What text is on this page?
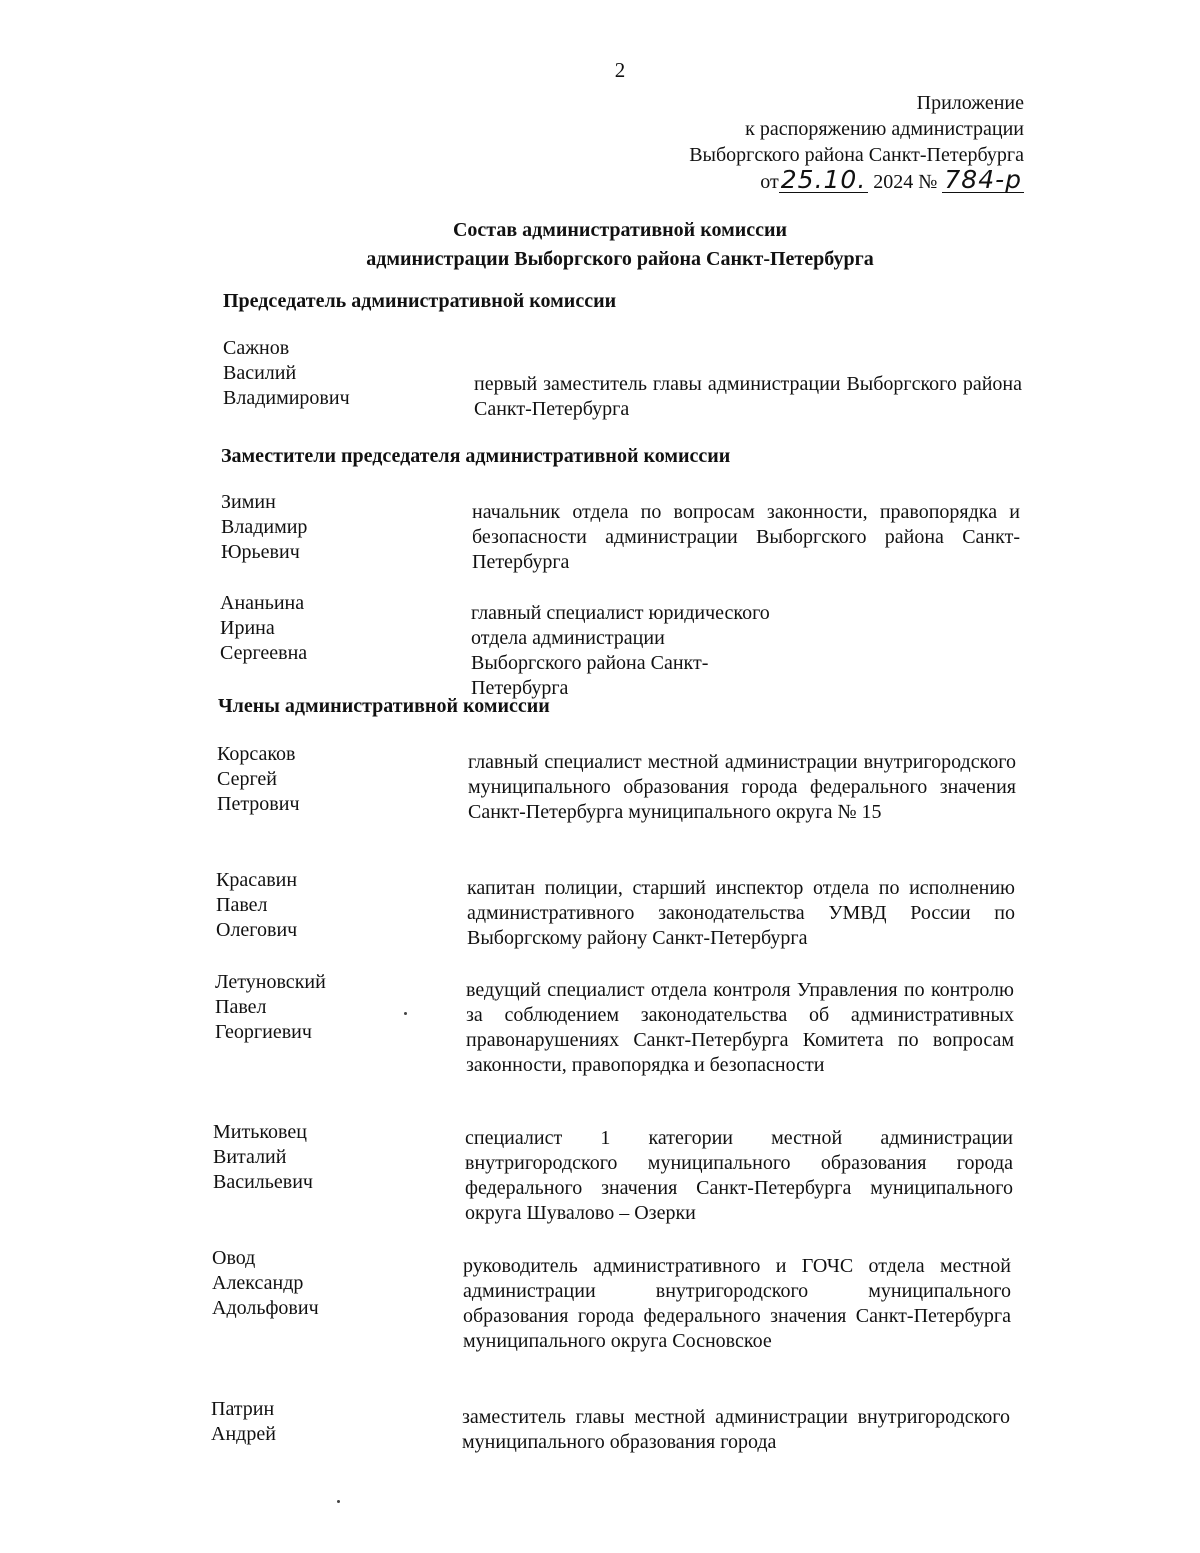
2
Приложение
к распоряжению администрации
Выборгского района Санкт-Петербурга
от25.10. 2024 № 784-р
Состав административной комиссии
администрации Выборгского района Санкт-Петербурга
Председатель административной комиссии
Заместители председателя административной комиссии
Члены административной комиссии
Сажнов
Василий
Владимирович
первый заместитель главы администрации Выборгского района Санкт-Петербурга
Зимин
Владимир
Юрьевич
начальник отдела по вопросам законности, правопорядка и безопасности администрации Выборгского района Санкт-Петербурга
Ананьина
Ирина
Сергеевна
главный специалист юридического отдела администрации Выборгского района Санкт-Петербурга
Корсаков
Сергей
Петрович
главный специалист местной администрации внутригородского муниципального образования города федерального значения Санкт-Петербурга муниципального округа № 15
Красавин
Павел
Олегович
капитан полиции, старший инспектор отдела по исполнению административного законодательства УМВД России по Выборгскому району Санкт-Петербурга
Летуновский
Павел
Георгиевич
ведущий специалист отдела контроля Управления по контролю за соблюдением законодательства об административных правонарушениях Санкт-Петербурга Комитета по вопросам законности, правопорядка и безопасности
Митьковец
Виталий
Васильевич
специалист 1 категории местной администрации внутригородского муниципального образования города федерального значения Санкт-Петербурга муниципального округа Шувалово – Озерки
Овод
Александр
Адольфович
руководитель административного и ГОЧС отдела местной администрации внутригородского муниципального образования города федерального значения Санкт-Петербурга муниципального округа Сосновское
Патрин
Андрей
заместитель главы местной администрации внутригородского муниципального образования города
